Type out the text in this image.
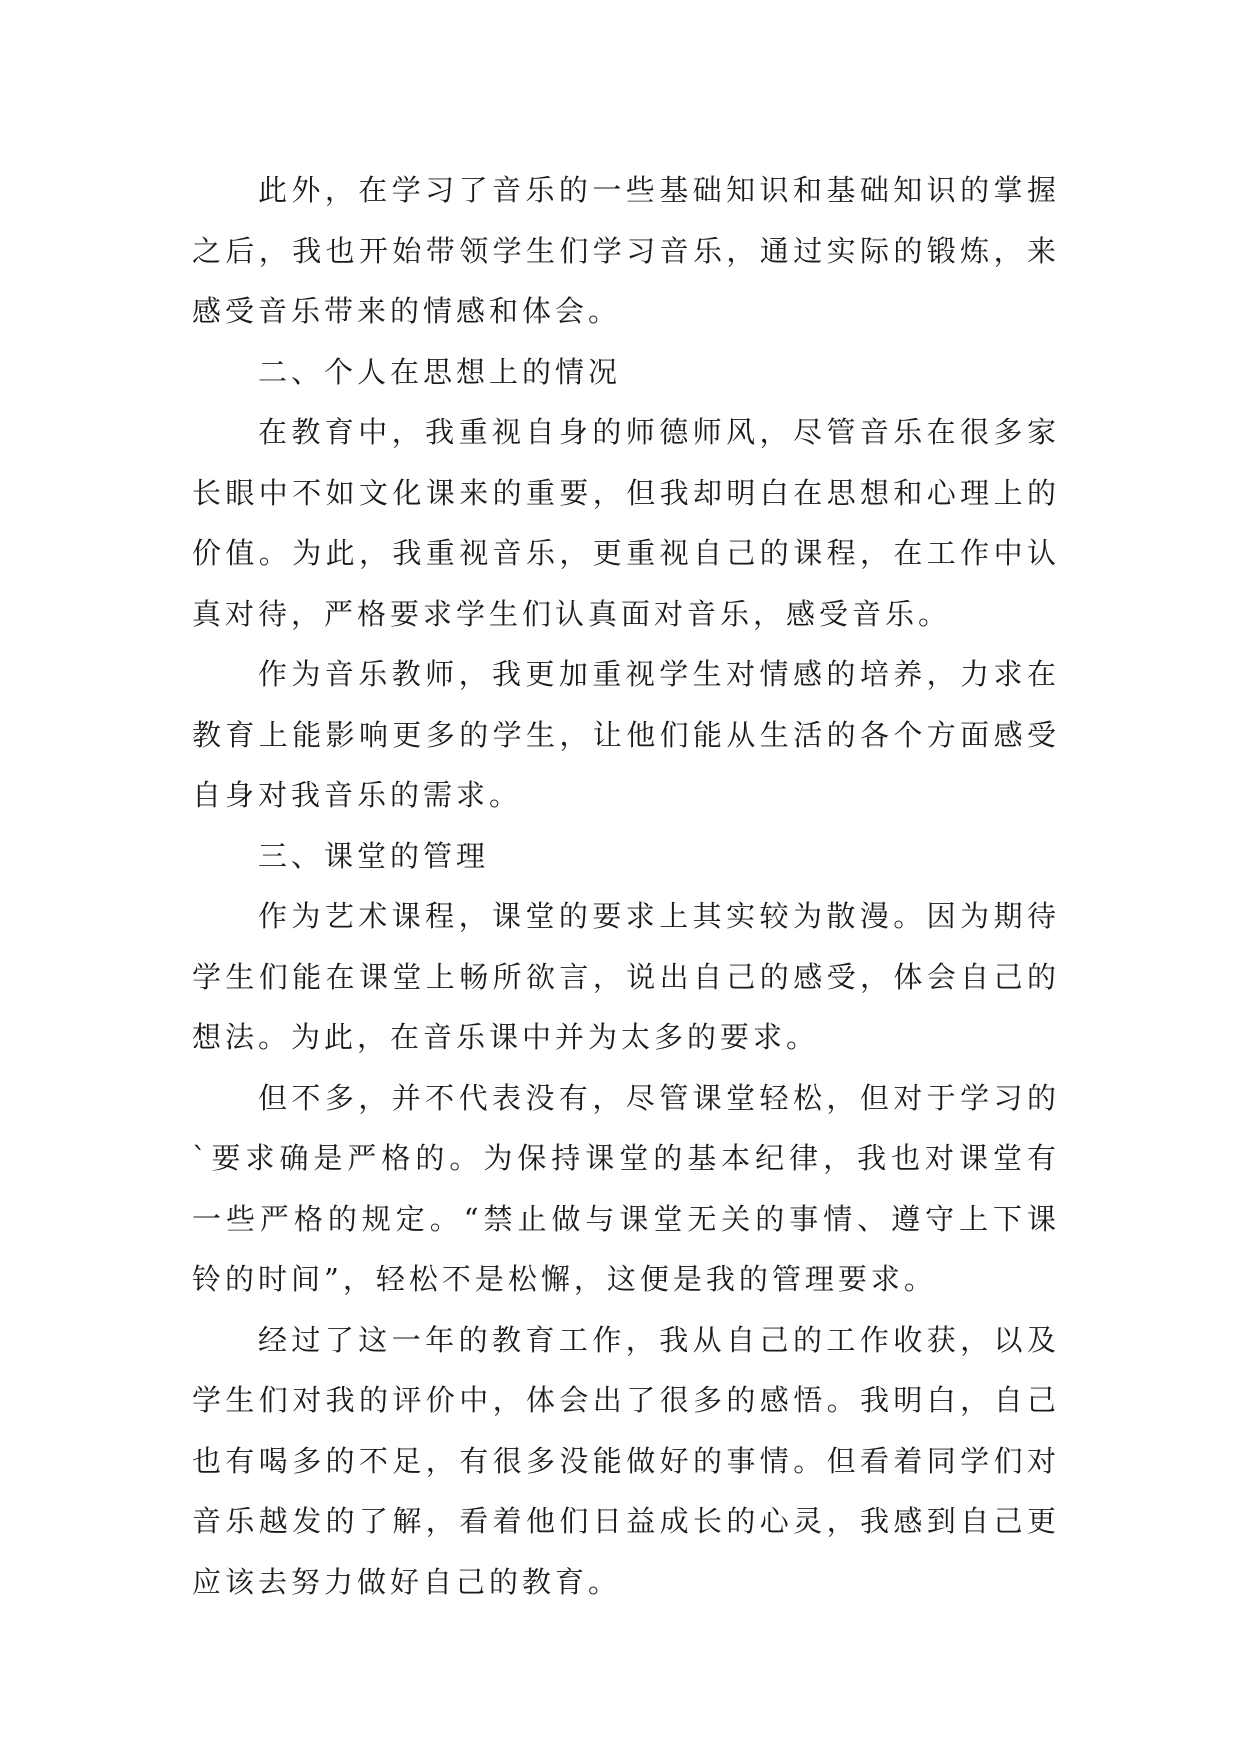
此外，在学习了音乐的一些基础知识和基础知识的掌握之后，我也开始带领学生们学习音乐，通过实际的锻炼，来感受音乐带来的情感和体会。

二、个人在思想上的情况

在教育中，我重视自身的师德师风，尽管音乐在很多家长眼中不如文化课来的重要，但我却明白在思想和心理上的价值。为此，我重视音乐，更重视自己的课程，在工作中认真对待，严格要求学生们认真面对音乐，感受音乐。

作为音乐教师，我更加重视学生对情感的培养，力求在教育上能影响更多的学生，让他们能从生活的各个方面感受自身对我音乐的需求。

三、课堂的管理

作为艺术课程，课堂的要求上其实较为散漫。因为期待学生们能在课堂上畅所欲言，说出自己的感受，体会自己的想法。为此，在音乐课中并为太多的要求。

但不多，并不代表没有，尽管课堂轻松，但对于学习的`要求确是严格的。为保持课堂的基本纪律，我也对课堂有一些严格的规定。“禁止做与课堂无关的事情、遵守上下课铃的时间”，轻松不是松懈，这便是我的管理要求。

经过了这一年的教育工作，我从自己的工作收获，以及学生们对我的评价中，体会出了很多的感悟。我明白，自己也有喝多的不足，有很多没能做好的事情。但看着同学们对音乐越发的了解，看着他们日益成长的心灵，我感到自己更应该去努力做好自己的教育。
